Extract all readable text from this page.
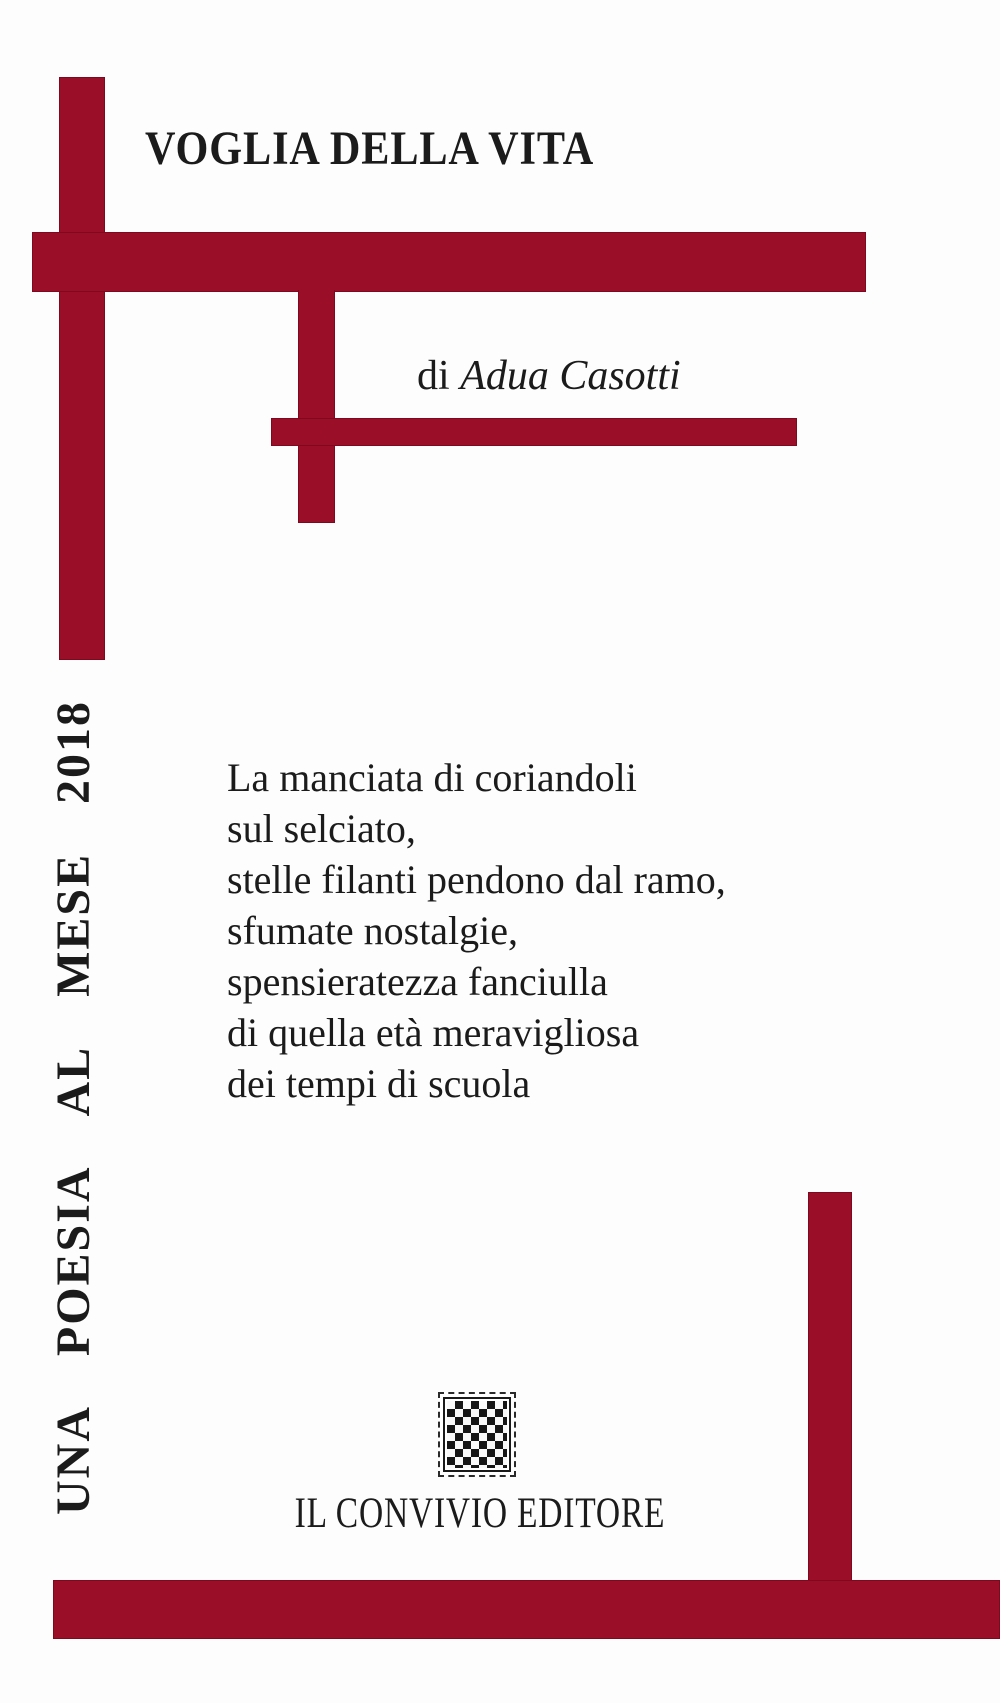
VOGLIA DELLA VITA
di Adua Casotti
La manciata di coriandoli
sul selciato,
stelle filanti pendono dal ramo,
sfumate nostalgie,
spensieratezza fanciulla
di quella età meravigliosa
dei tempi di scuola
UNA
POESIA
AL
MESE
2018
IL CONVIVIO EDITORE
